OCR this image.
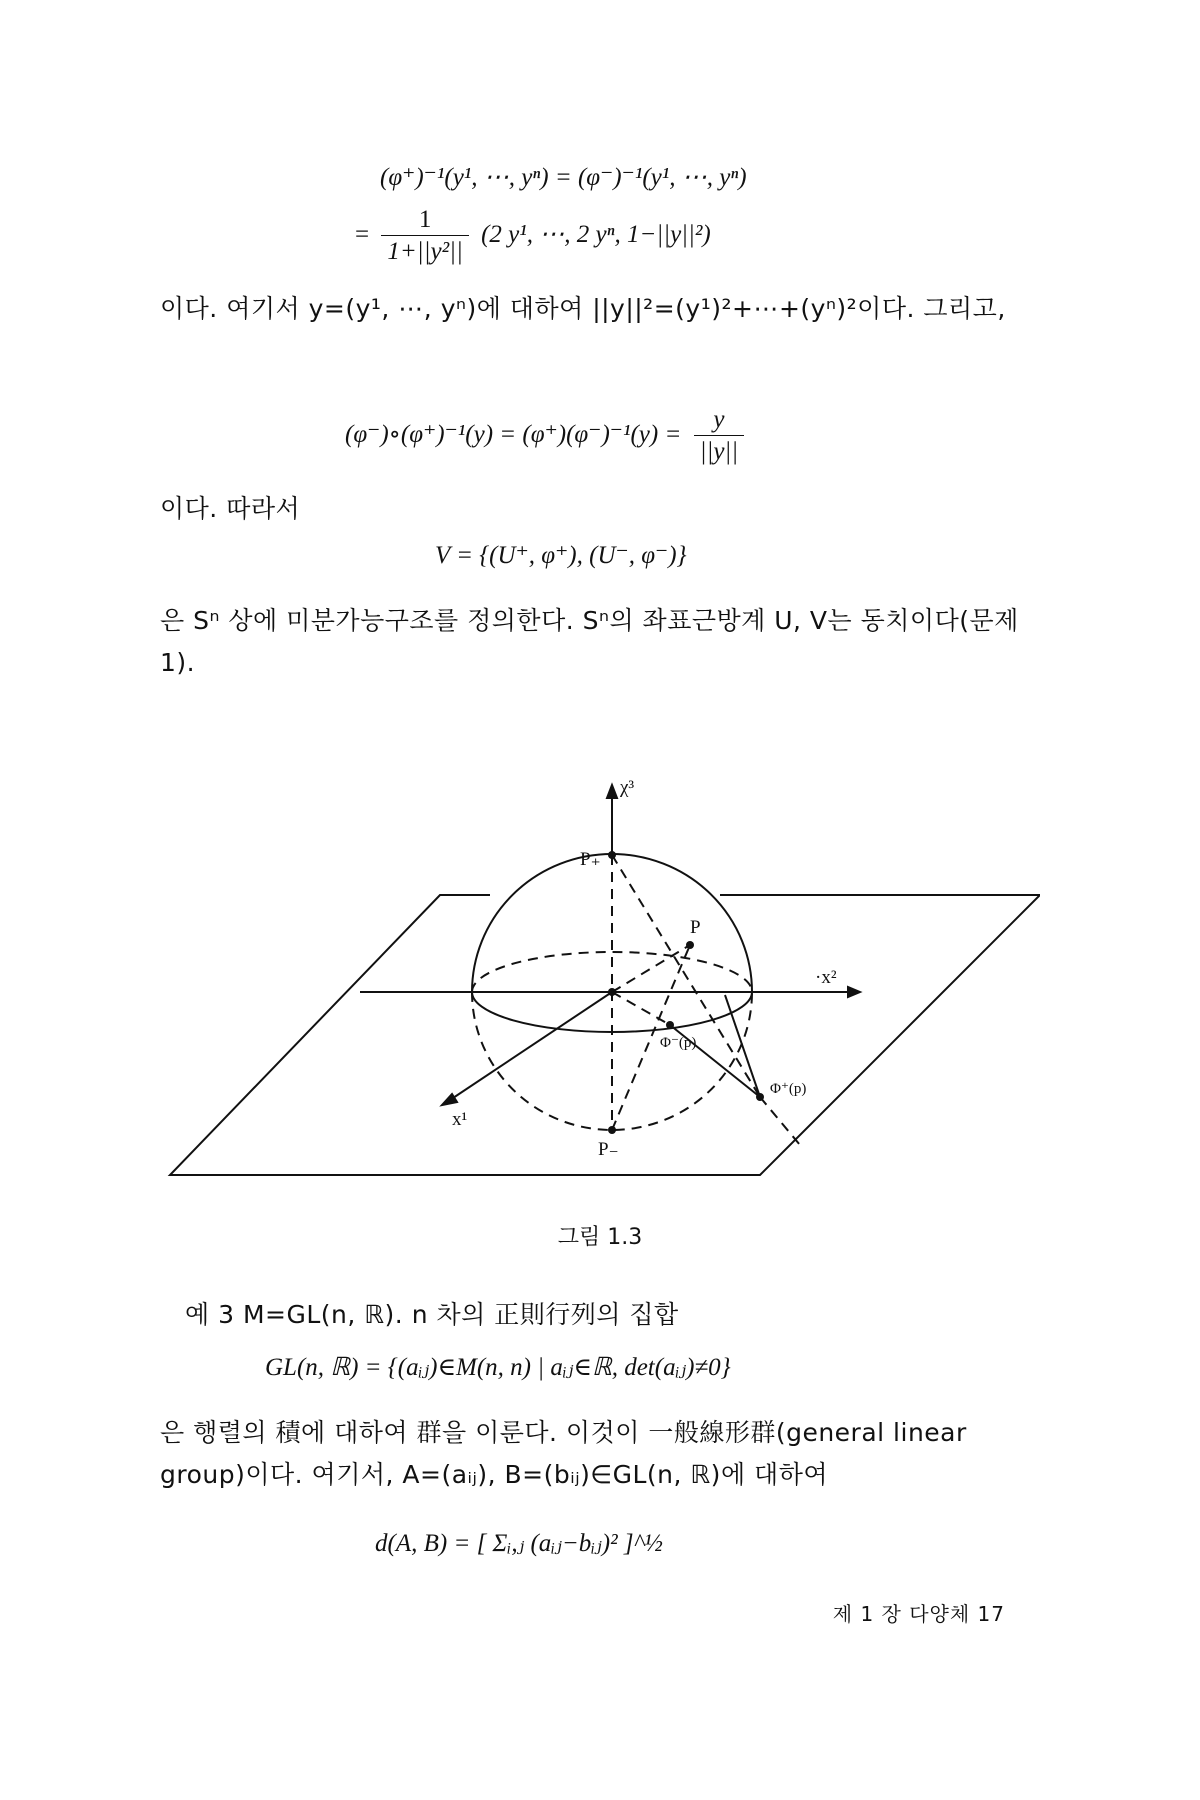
(φ⁺)⁻¹(y¹, ⋯, yⁿ) = (φ⁻)⁻¹(y¹, ⋯, yⁿ)
= $\frac{1}{\text{1+||y²||}} (2$ y¹, ⋯, 2 yⁿ, 1−||y||²)
이다. 여기서 y=(y¹, ⋯, yⁿ)에 대하여 ||y||²=(y¹)²+⋯+(yⁿ)²이다. 그리고,
(φ⁻)∘(φ⁺)⁻¹(y) = $(\varphi^+)(\varphi^-)^{-1}(y) = \frac{y}{||y||}$
이다. 따라서
V = {(U⁺, φ⁺), (U⁻, φ⁻)}
은 Sⁿ 상에 미분가능구조를 정의한다. Sⁿ의 좌표근방계 U, V는 동치이다(문제 1).
χ³
·x²
x¹
P₊
P₋
P
Φ⁻(p)
Φ⁺(p)
그림 1.3
예 3 M=GL(n, ℝ). n 차의 正則行列의 집합
GL(n, ℝ) = {(aᵢⱼ)∈M(n, n) | aᵢⱼ∈ℝ, det(aᵢⱼ)≠0}
은 행렬의 積에 대하여 群을 이룬다. 이것이 一般線形群(general linear group)이다. 여기서, A=(aᵢⱼ), B=(bᵢⱼ)∈GL(n, ℝ)에 대하여
d(A, B) = [ Σᵢ,ⱼ (aᵢⱼ−bᵢⱼ)² ]^½
제 1 장 다양체 17
